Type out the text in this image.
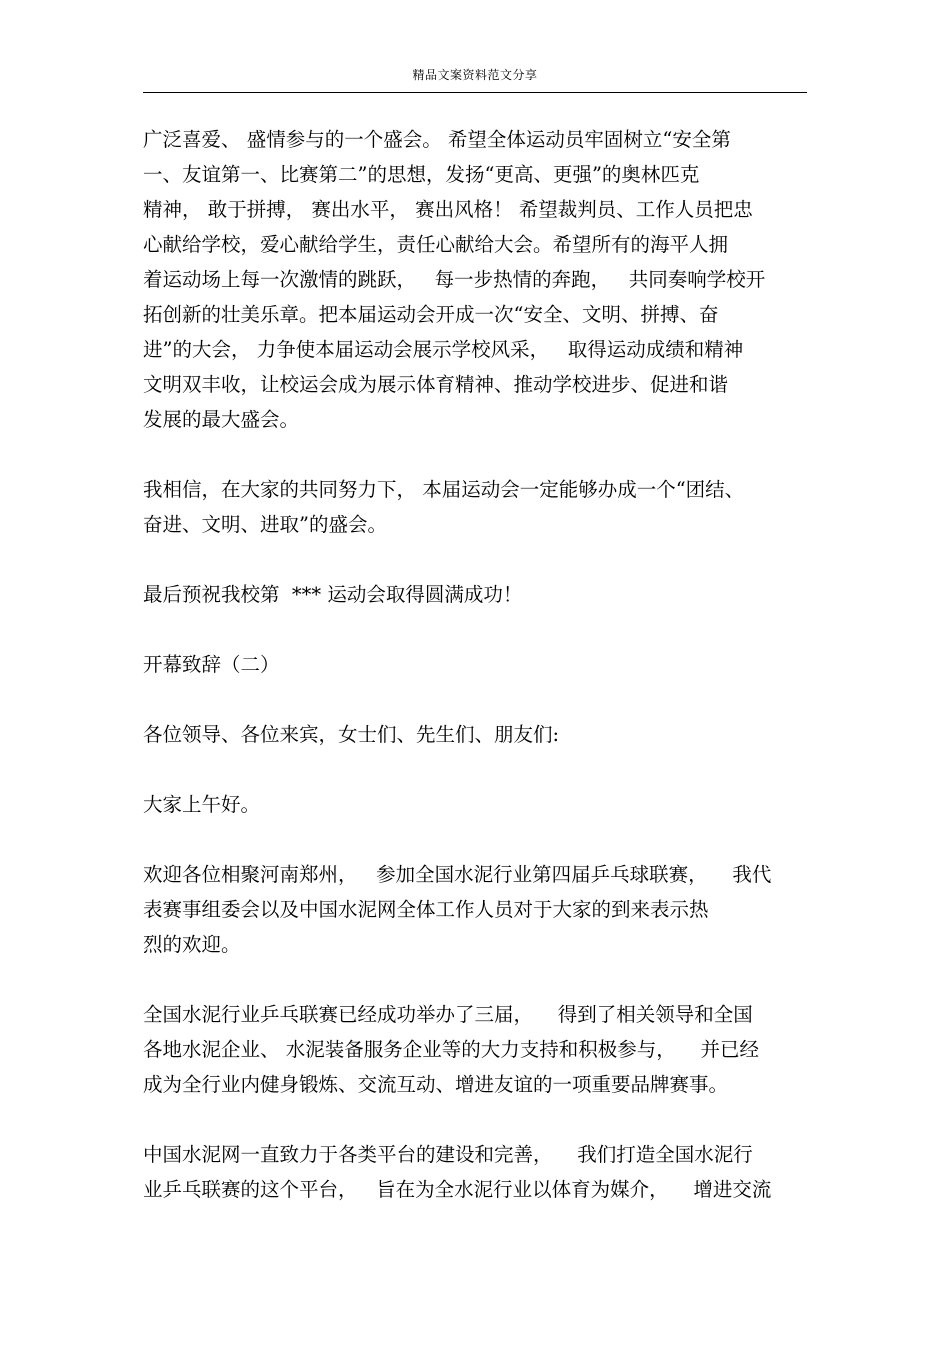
精品文案资料范文分享
广泛喜爱、 盛情参与的一个盛会。 希望全体运动员牢固树立“安全第
一、友谊第一、比赛第二”的思想，发扬“更高、更强”的奥林匹克
精神， 敢于拼搏， 赛出水平， 赛出风格！ 希望裁判员、工作人员把忠
心献给学校，爱心献给学生，责任心献给大会。希望所有的海平人拥
着运动场上每一次激情的跳跃，   每一步热情的奔跑，   共同奏响学校开
拓创新的壮美乐章。把本届运动会开成一次“安全、文明、拼搏、奋
进”的大会， 力争使本届运动会展示学校风采，   取得运动成绩和精神
文明双丰收，让校运会成为展示体育精神、推动学校进步、促进和谐
发展的最大盛会。
我相信，在大家的共同努力下， 本届运动会一定能够办成一个“团结、
奋进、文明、进取”的盛会。
最后预祝我校第  *** 运动会取得圆满成功！
开幕致辞（二）
各位领导、各位来宾，女士们、先生们、朋友们:
大家上午好。
欢迎各位相聚河南郑州，   参加全国水泥行业第四届乒乓球联赛，    我代
表赛事组委会以及中国水泥网全体工作人员对于大家的到来表示热
烈的欢迎。
全国水泥行业乒乓联赛已经成功举办了三届，    得到了相关领导和全国
各地水泥企业、 水泥装备服务企业等的大力支持和积极参与，    并已经
成为全行业内健身锻炼、交流互动、增进友谊的一项重要品牌赛事。
中国水泥网一直致力于各类平台的建设和完善，    我们打造全国水泥行
业乒乓联赛的这个平台，   旨在为全水泥行业以体育为媒介，    增进交流
